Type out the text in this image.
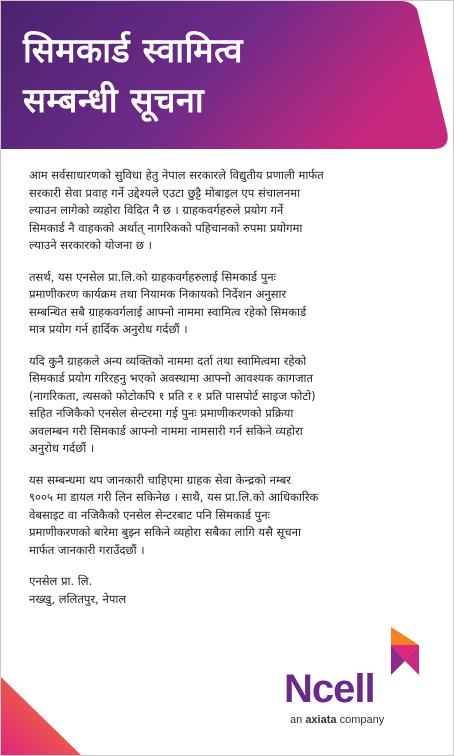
सिमकार्ड स्वामित्व
सम्बन्धी सूचना
आम सर्वसाधारणको सुविधा हेतु नेपाल सरकारले विद्युतीय प्रणाली मार्फत
सरकारी सेवा प्रवाह गर्ने उद्देश्यले एउटा छुट्टै मोबाइल एप संचालनमा
ल्याउन लागेको व्यहोरा विदित नै छ । ग्राहकवर्गहरुले प्रयोग गर्ने
सिमकार्ड नै वाहकको अर्थात् नागरिकको पहिचानको रुपमा प्रयोगमा
ल्याउने सरकारको योजना छ ।
तसर्थ, यस एनसेल प्रा.लि.को ग्राहकवर्गहरुलाई सिमकार्ड पुनः
प्रमाणीकरण कार्यक्रम तथा नियामक निकायको निर्देशन अनुसार
सम्बन्धित सबै ग्राहकवर्गलाई आफ्नो नाममा स्वामित्व रहेको सिमकार्ड
मात्र प्रयोग गर्न हार्दिक अनुरोध गर्दछौं ।
यदि कुनै ग्राहकले अन्य व्यक्तिको नाममा दर्ता तथा स्वामित्वमा रहेको
सिमकार्ड प्रयोग गरिरहनु भएको अवस्थामा आफ्नो आवश्यक कागजात
(नागरिकता, त्यसको फोटोकपि १ प्रति र १ प्रति पासपोर्ट साइज फोटो)
सहित नजिकैको एनसेल सेन्टरमा गई पुनः प्रमाणीकरणको प्रक्रिया
अवलम्बन गरी सिमकार्ड आफ्नो नाममा नामसारी गर्न सकिने व्यहोरा
अनुरोध गर्दछौं ।
यस सम्बन्धमा थप जानकारी चाहिएमा ग्राहक सेवा केन्द्रको नम्बर
९००५ मा डायल गरी लिन सकिनेछ । साथै, यस प्रा.लि.को आधिकारिक
वेबसाइट वा नजिकैको एनसेल सेन्टरबाट पनि सिमकार्ड पुनः
प्रमाणीकरणको बारेमा बुझ्न सकिने व्यहोरा सबैका लागि यसै सूचना
मार्फत जानकारी गराउँदछौं ।
एनसेल प्रा. लि.
नख्खु, ललितपुर, नेपाल
Ncell
an axiata company
